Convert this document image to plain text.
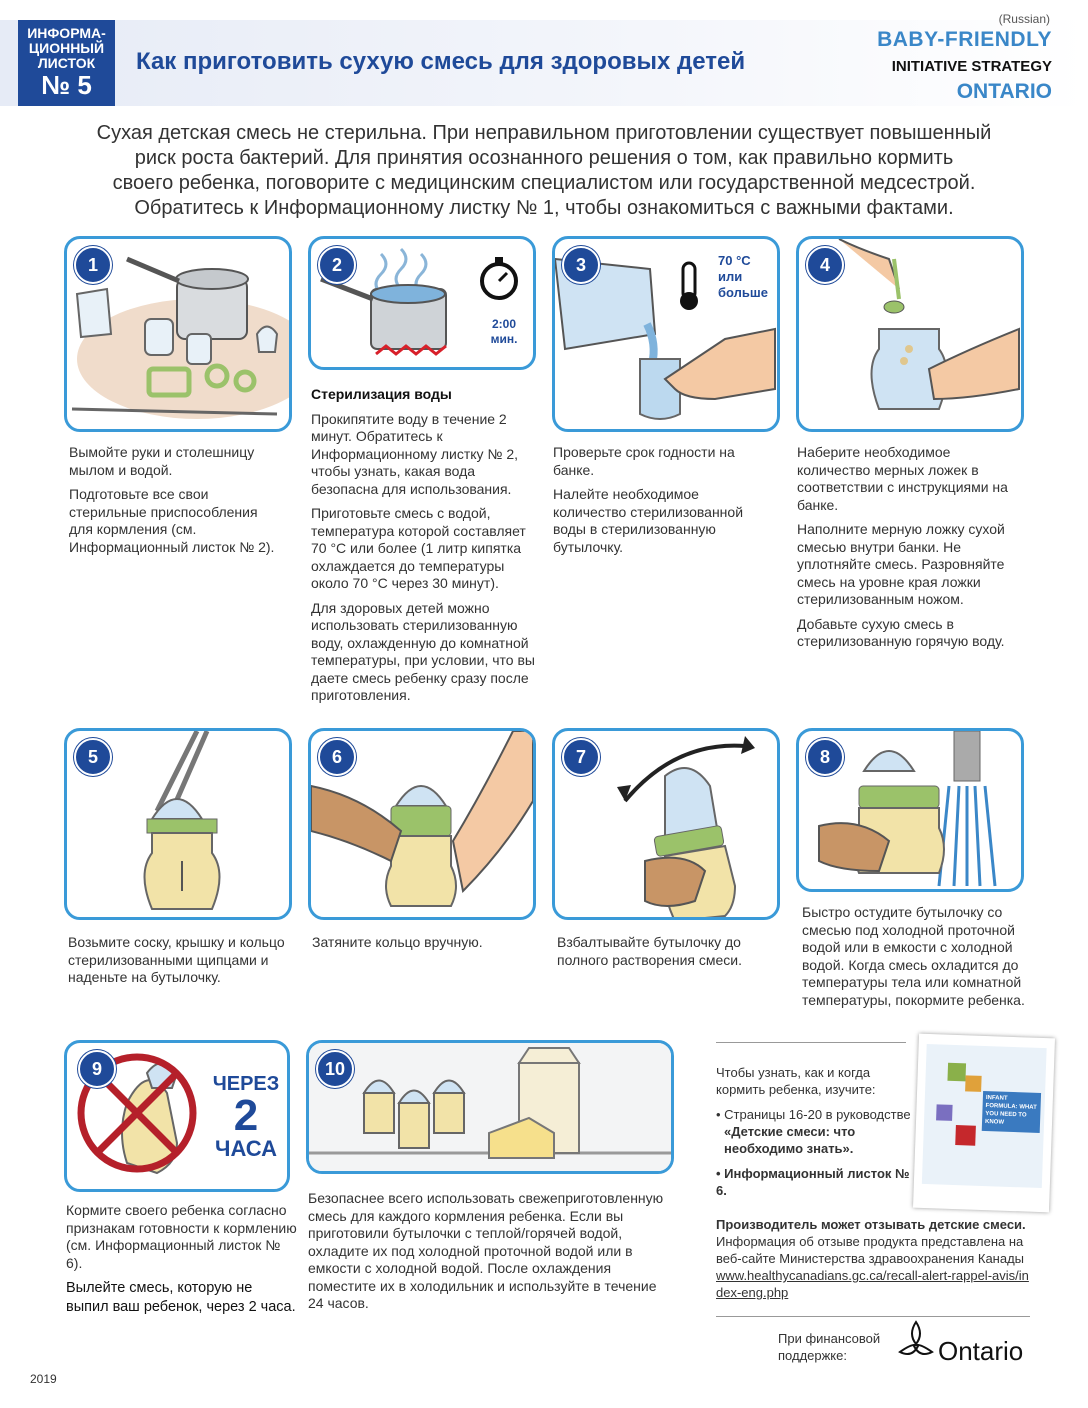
ИНФОРМА-
ЦИОННЫЙ
ЛИСТОК
№ 5
Как приготовить сухую смесь для здоровых детей
(Russian)
BABY-FRIENDLY
INITIATIVE STRATEGY
ONTARIO
Сухая детская смесь не стерильна. При неправильном приготовлении существует повышенный
риск роста бактерий. Для принятия осознанного решения о том, как правильно кормить
своего ребенка, поговорите с медицинским специалистом или государственной медсестрой.
Обратитесь к Информационному листку № 1, чтобы ознакомиться с важными фактами.
1
2:00 мин.
2	70 °C
или
больше
3	4

Вымойте руки и столешницу мылом и водой.

Подготовьте все свои стерильные приспособления для кормления (см. Информационный листок № 2).

Стерилизация воды

Прокипятите воду в течение 2 минут. Обратитесь к Информационному листку № 2, чтобы узнать, какая вода безопасна для использования.

Приготовьте смесь с водой, температура которой составляет 70 °C или более (1 литр кипятка охлаждается до температуры около 70 °C через 30 минут).

Для здоровых детей можно использовать стерилизованную воду, охлажденную до комнатной температуры, при условии, что вы даете смесь ребенку сразу после приготовления.

Проверьте срок годности на банке.

Налейте необходимое количество стерилизованной воды в стерилизованную бутылочку.

Наберите необходимое количество мерных ложек в соответствии с инструкциями на банке.

Наполните мерную ложку сухой смесью внутри банки. Не уплотняйте смесь. Разровняйте смесь на уровне края ложки стерилизованным ножом.

Добавьте сухую смесь в стерилизованную горячую воду.

5	6	7	8

Возьмите соску, крышку и кольцо стерилизованными щипцами и наденьте на бутылочку.

Затяните кольцо вручную.	Взбалтывайте бутылочку до полного растворения смеси.

Быстро остудите бутылочку со смесью под холодной проточной водой или в емкости с холодной водой. Когда смесь охладится до температуры тела или комнатной температуры, покормите ребенка.

ЧЕРЕЗ
2
ЧАСА
9	10

Кормите своего ребенка согласно признакам готовности к кормлению (см. Информационный листок № 6).

Вылейте смесь, которую не выпил ваш ребенок, через 2 часа.

Безопаснее всего использовать свежеприготовленную смесь для каждого кормления ребенка. Если вы приготовили бутылочки с теплой/горячей водой, охладите их под холодной проточной водой или в емкости с холодной водой. После охлаждения поместите их в холодильник и используйте в течение 24 часов.

Чтобы узнать, как и когда кормить ребенка, изучите:

• Страницы 16-20 в руководстве
«Детские смеси: что необходимо знать».

• Информационный листок № 6.

INFANT FORMULA: WHAT YOU NEED TO KNOW
Производитель может отзывать детские смеси. Информация об отзыве продукта представлена на веб-сайте Министерства здравоохранения Канады www.healthycanadians.gc.ca/recall-alert-rappel-avis/index-eng.php
При финансовой поддержке:	Ontario
2019
